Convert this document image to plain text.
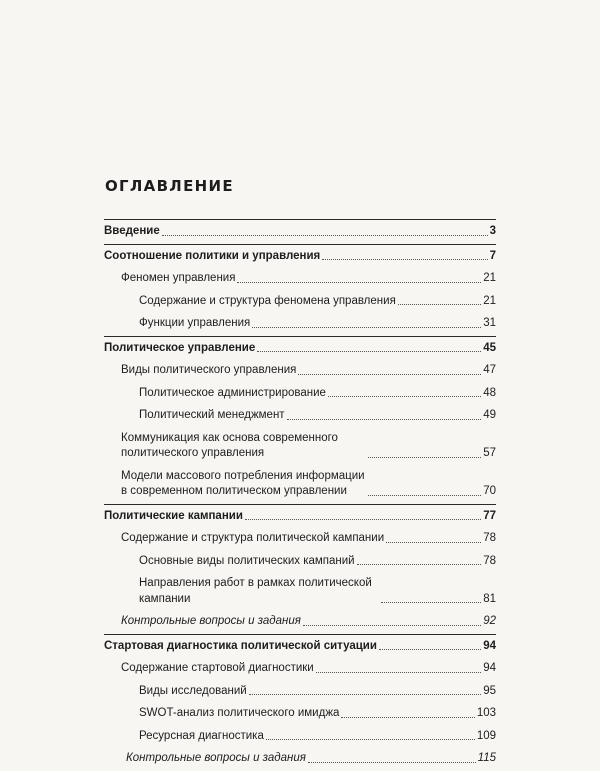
ОГЛАВЛЕНИЕ
Введение	3
Соотношение политики и управления	7
Феномен управления	21
Содержание и структура феномена управления	21
Функции управления	31
Политическое управление	45
Виды политического управления	47
Политическое администрирование	48
Политический менеджмент	49
Коммуникация как основа современного политического управления	57
Модели массового потребления информации в современном политическом управлении	70
Политические кампании	77
Содержание и структура политической кампании	78
Основные виды политических кампаний	78
Направления работ в рамках политической кампании	81
Контрольные вопросы и задания	92
Стартовая диагностика политической ситуации	94
Содержание стартовой диагностики	94
Виды исследований	95
SWOT-анализ политического имиджа	103
Ресурсная диагностика	109
Контрольные вопросы и задания	115
